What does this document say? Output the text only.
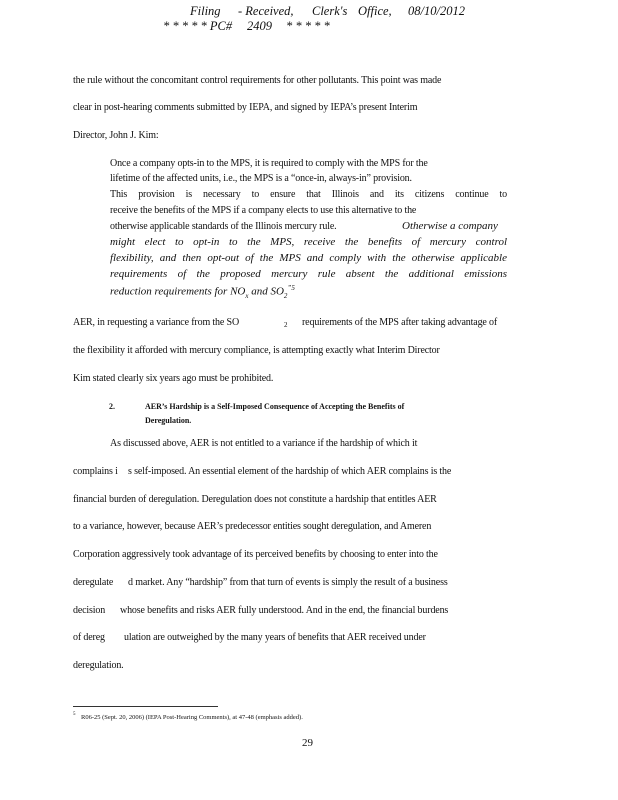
Filing - Received, Clerk's Office, 08/10/2012
* * * * * PC# 2409 * * * * *
the rule without the concomitant control requirements for other pollutants. This point was made
clear in post-hearing comments submitted by IEPA, and signed by IEPA’s present Interim
Director, John J. Kim:
Once a company opts-in to the MPS, it is required to comply with the MPS for the
lifetime of the affected units, i.e., the MPS is a “once-in, always-in” provision.
This provision is necessary to ensure that Illinois and its citizens continue to
receive the benefits of the MPS if a company elects to use this alternative to the
otherwise applicable standards of the Illinois mercury rule.	Otherwise a company
might elect to opt-in to the MPS, receive the benefits of mercury control
flexibility, and then opt-out of the MPS and comply with the otherwise applicable
requirements of the proposed mercury rule absent the additional emissions
reduction requirements for $NO_x$ and $SO_2^{”5}$
AER, in requesting a variance from the SO	2 requirements of the MPS after taking advantage of
the flexibility it afforded with mercury compliance, is attempting exactly what Interim Director
Kim stated clearly six years ago must be prohibited.
2.	AER’s Hardship is a Self-Imposed Consequence of Accepting the Benefits of
Deregulation.
As discussed above, AER is not entitled to a variance if the hardship of which it
complains i s self-imposed. An essential element of the hardship of which AER complains is the
financial burden of deregulation. Deregulation does not constitute a hardship that entitles AER
to a variance, however, because AER’s predecessor entities sought deregulation, and Ameren
Corporation aggressively took advantage of its perceived benefits by choosing to enter into the
deregulate d market. Any “hardship” from that turn of events is simply the result of a business
decision whose benefits and risks AER fully understood. And in the end, the financial burdens
of dereg ulation are outweighed by the many years of benefits that AER received under
deregulation.
5 R06-25 (Sept. 20, 2006) (IEPA Post-Hearing Comments), at 47-48 (emphasis added).
29
